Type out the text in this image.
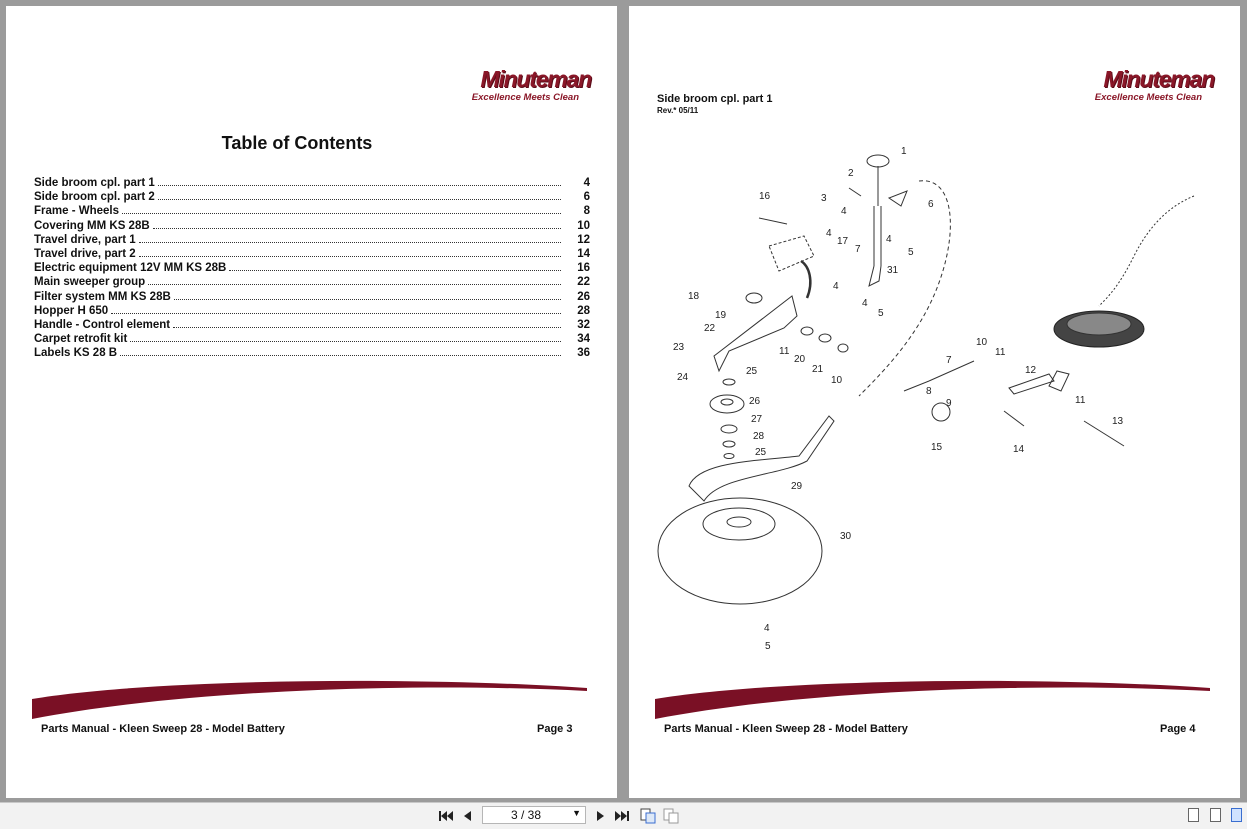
Minuteman
Excellence Meets Clean
Table of Contents
Side broom cpl. part 1	4
Side broom cpl. part 2	6
Frame - Wheels	8
Covering MM KS 28B	10
Travel drive, part 1	12
Travel drive, part 2	14
Electric equipment 12V MM KS 28B	16
Main sweeper group	22
Filter system MM KS 28B	26
Hopper H 650	28
Handle - Control element	32
Carpet retrofit kit	34
Labels KS 28 B	36
Parts Manual - Kleen Sweep 28 - Model Battery	Page 3
Minuteman
Excellence Meets Clean
Side broom cpl. part 1
Rev.* 05/11
1
2
3
4
4
4
4
4
5
5
5
6
7
7
8
9
10
10
11
11
11
12
13
14
15
16
17
18
19
20
21
22
23
24
25
25
26
27
28
29
30
31
4
Parts Manual - Kleen Sweep 28 - Model Battery	Page 4
3 / 38	▼
